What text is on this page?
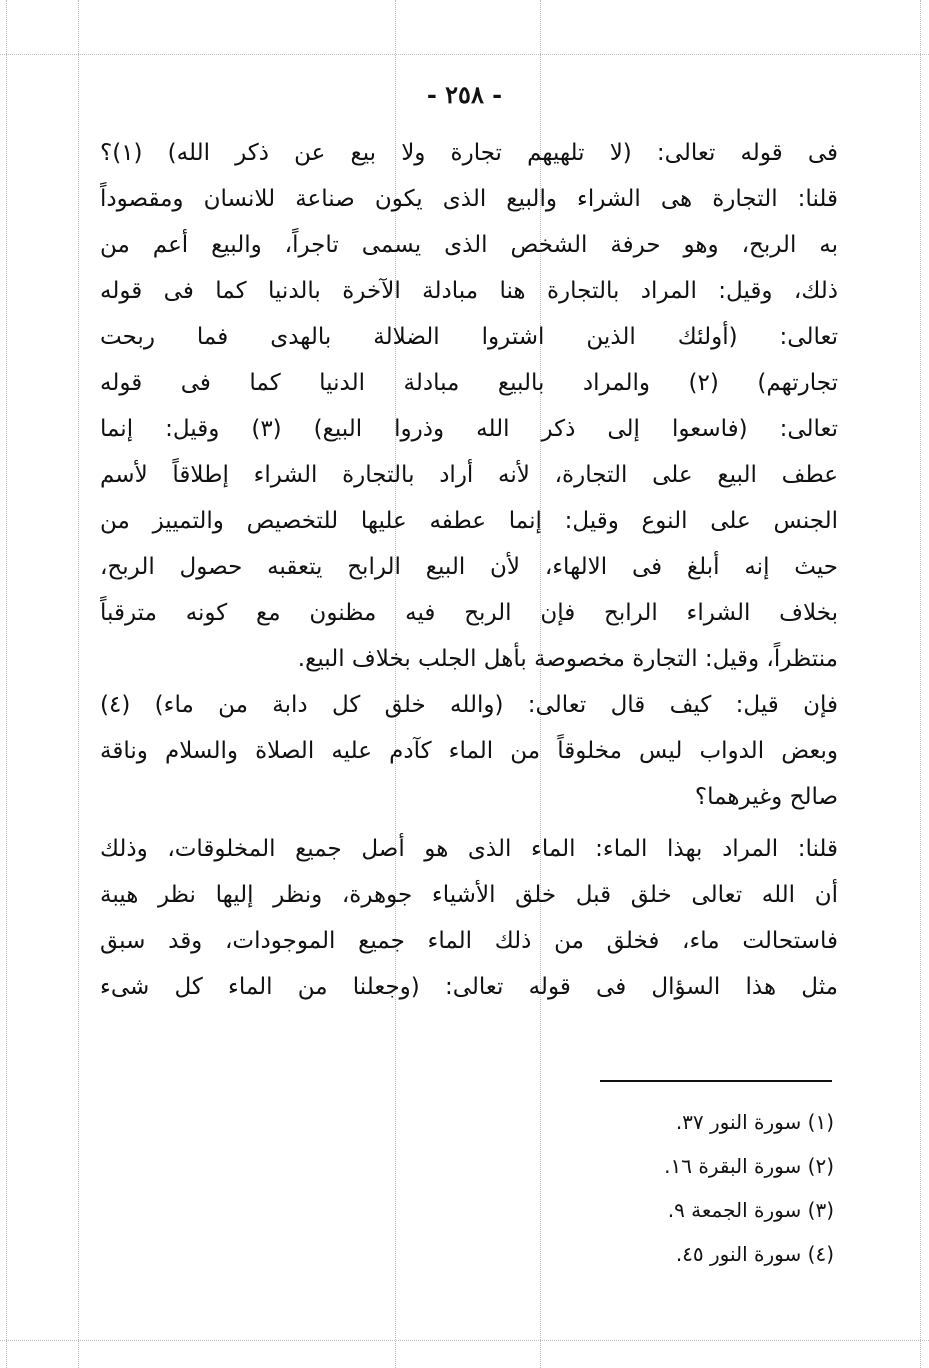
- ٢٥٨ -
فى قوله تعالى: (لا تلهيهم تجارة ولا بيع عن ذكر الله) (١)؟
قلنا: التجارة هى الشراء والبيع الذى يكون صناعة للانسان ومقصوداً
به الربح، وهو حرفة الشخص الذى يسمى تاجراً، والبيع أعم من
ذلك، وقيل: المراد بالتجارة هنا مبادلة الآخرة بالدنيا كما فى قوله
تعالى: (أولئك الذين اشتروا الضلالة بالهدى فما ربحت
تجارتهم) (٢) والمراد بالبيع مبادلة الدنيا كما فى قوله
تعالى: (فاسعوا إلى ذكر الله وذروا البيع) (٣) وقيل: إنما
عطف البيع على التجارة، لأنه أراد بالتجارة الشراء إطلاقاً لأسم
الجنس على النوع وقيل: إنما عطفه عليها للتخصيص والتمييز من
حيث إنه أبلغ فى الالهاء، لأن البيع الرابح يتعقبه حصول الربح،
بخلاف الشراء الرابح فإن الربح فيه مظنون مع كونه مترقباً
منتظراً، وقيل: التجارة مخصوصة بأهل الجلب بخلاف البيع.
فإن قيل: كيف قال تعالى: (والله خلق كل دابة من ماء) (٤)
وبعض الدواب ليس مخلوقاً من الماء كآدم عليه الصلاة والسلام وناقة
صالح وغيرهما؟
قلنا: المراد بهذا الماء: الماء الذى هو أصل جميع المخلوقات، وذلك
أن الله تعالى خلق قبل خلق الأشياء جوهرة، ونظر إليها نظر هيبة
فاستحالت ماء، فخلق من ذلك الماء جميع الموجودات، وقد سبق
مثل هذا السؤال فى قوله تعالى: (وجعلنا من الماء كل شىء
(١) سورة النور ٣٧.
(٢) سورة البقرة ١٦.
(٣) سورة الجمعة ٩.
(٤) سورة النور ٤٥.
